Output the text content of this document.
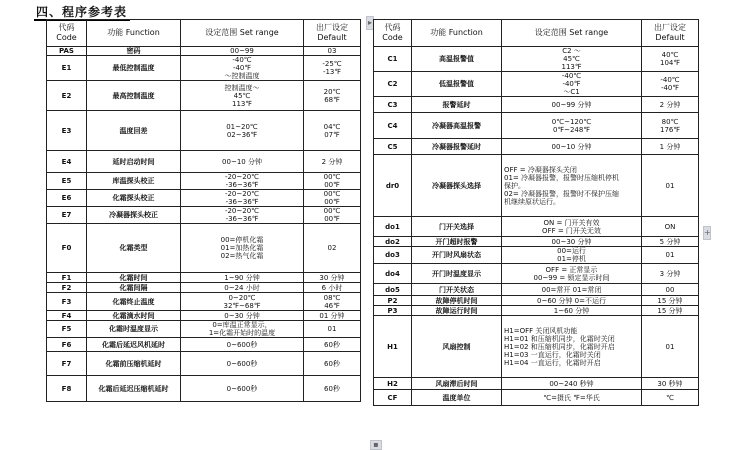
四、程序参考表
▸
+
▪
代码
Code	功能 Function	设定范围 Set range	出厂设定
Default
PAS	密码	00~99	03

E1	最低控制温度	-40℃
-40℉
～控制温度	-25℃
-13℉

E2	最高控制温度	控制温度～
45℃
113℉	20℃
68℉

E3	温度回差	01~20℃
02~36℉	04℃
07℉

E4	延时启动时间	00~10 分钟	2 分钟

E5	库温探头校正	-20~20℃
-36~36℉	00℃
00℉

E6	化霜探头校正	-20~20℃
-36~36℉	00℃
00℉

E7	冷凝器探头校正	-20~20℃
-36~36℉	00℃
00℉

F0	化霜类型	00=停机化霜
01=加热化霜
02=热气化霜	02

F1	化霜时间	1~90 分钟	30 分钟

F2	化霜间隔	0~24 小时	6 小时

F3	化霜终止温度	0~20℃
32℉~68℉	08℃
46℉

F4	化霜滴水时间	0~30 分钟	01 分钟

F5	化霜时温度显示	0=库温正常显示，
1=化霜开始时的温度	01

F6	化霜后延迟风机延时	0~600秒	60秒

F7	化霜前压缩机延时	0~600秒	60秒

F8	化霜后延迟压缩机延时	0~600秒	60秒
代码
Code	功能 Function	设定范围 Set range	出厂设定
Default
C1	高温报警值	C2 ～
45℃
113℉	40℃
104℉

C2	低温报警值	-40℃
-40℉
～C1	-40℃
-40℉

C3	报警延时	00~99 分钟	2 分钟

C4	冷凝器高温报警	0℃~120℃
0℉~248℉	80℃
176℉

C5	冷凝器报警延时	00~10 分钟	1 分钟

dr0	冷凝器探头选择	OFF = 冷凝器探头关闭
01= 冷凝器报警，报警时压缩机停机
保护。
02= 冷凝器报警，报警时不保护压缩
机继续原状运行。	01

do1	门开关选择	ON = 门开关有效
OFF = 门开关无效	ON

do2	开门超时报警	00~30 分钟	5 分钟

do3	开门时风扇状态	00=运行
01=停机	01

do4	开门时温度显示	OFF = 正常显示
00~99 = 锁定显示时间	3 分钟

do5	门开关状态	00=常开 01=常闭	00

P2	故障停机时间	0~60 分钟 0=不运行	15 分钟

P3	故障运行时间	1~60 分钟	15 分钟

H1	风扇控制	H1=OFF 关闭风机功能
H1=01 和压缩机同步，化霜时关闭
H1=02 和压缩机同步，化霜时开启
H1=03 一直运行，化霜时关闭
H1=04 一直运行，化霜时开启	01

H2	风扇滞后时间	00~240 秒钟	30 秒钟

CF	温度单位	℃=摄氏 ℉=华氏	℃
